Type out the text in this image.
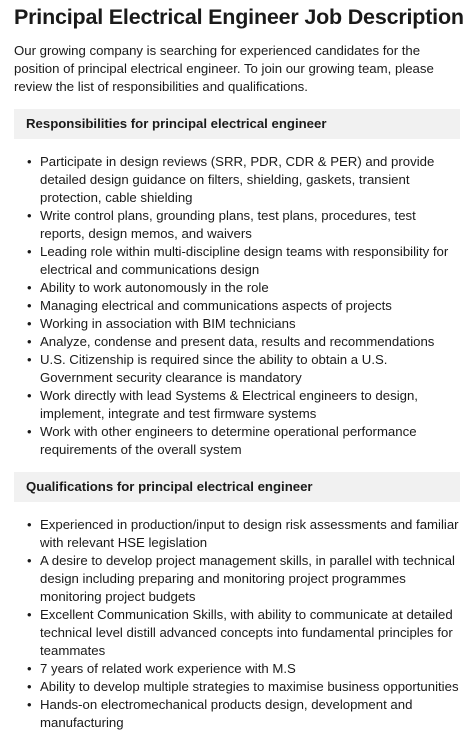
Principal Electrical Engineer Job Description

Our growing company is searching for experienced candidates for the position of principal electrical engineer. To join our growing team, please review the list of responsibilities and qualifications.

Responsibilities for principal electrical engineer
• Participate in design reviews (SRR, PDR, CDR & PER) and provide detailed design guidance on filters, shielding, gaskets, transient protection, cable shielding
• Write control plans, grounding plans, test plans, procedures, test reports, design memos, and waivers
• Leading role within multi-discipline design teams with responsibility for electrical and communications design
• Ability to work autonomously in the role
• Managing electrical and communications aspects of projects
• Working in association with BIM technicians
• Analyze, condense and present data, results and recommendations
• U.S. Citizenship is required since the ability to obtain a U.S. Government security clearance is mandatory
• Work directly with lead Systems & Electrical engineers to design, implement, integrate and test firmware systems
• Work with other engineers to determine operational performance requirements of the overall system
Qualifications for principal electrical engineer
• Experienced in production/input to design risk assessments and familiar with relevant HSE legislation
• A desire to develop project management skills, in parallel with technical design including preparing and monitoring project programmes monitoring project budgets
• Excellent Communication Skills, with ability to communicate at detailed technical level distill advanced concepts into fundamental principles for teammates
• 7 years of related work experience with M.S
• Ability to develop multiple strategies to maximise business opportunities
• Hands-on electromechanical products design, development and manufacturing
